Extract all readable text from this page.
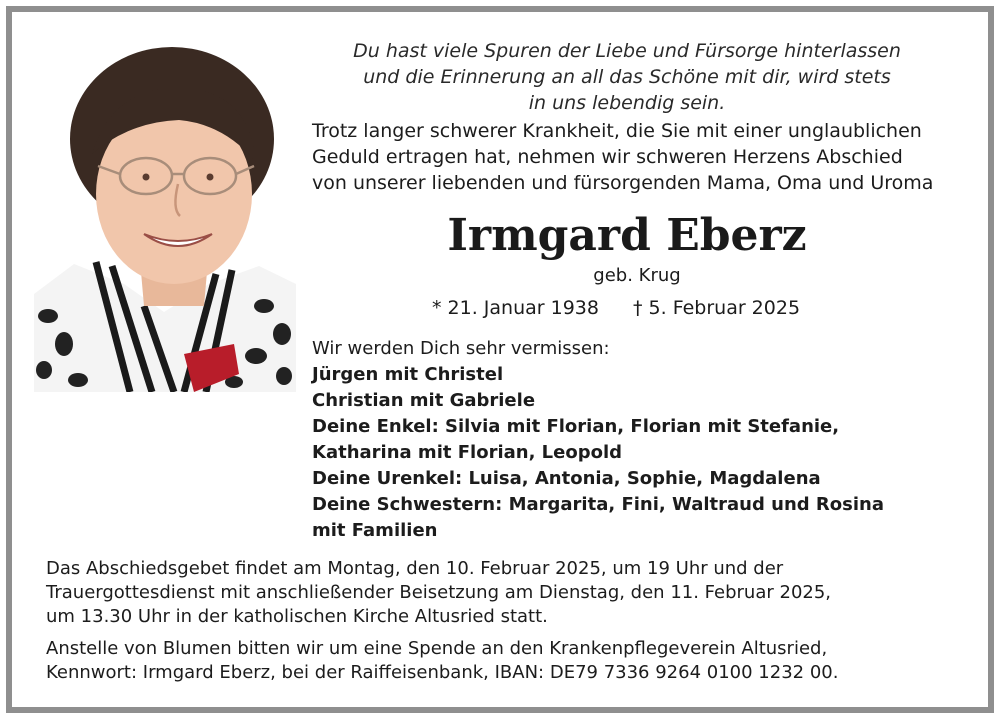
Du hast viele Spuren der Liebe und Fürsorge hinterlassen
und die Erinnerung an all das Schöne mit dir, wird stets
in uns lebendig sein.
Trotz langer schwerer Krankheit, die Sie mit einer unglaublichen
Geduld ertragen hat, nehmen wir schweren Herzens Abschied
von unserer liebenden und fürsorgenden Mama, Oma und Uroma
Irmgard Eberz
geb. Krug
* 21. Januar 1938 † 5. Februar 2025
Wir werden Dich sehr vermissen:
Jürgen mit Christel
Christian mit Gabriele
Deine Enkel: Silvia mit Florian, Florian mit Stefanie,
Katharina mit Florian, Leopold
Deine Urenkel: Luisa, Antonia, Sophie, Magdalena
Deine Schwestern: Margarita, Fini, Waltraud und Rosina
mit Familien

Das Abschiedsgebet findet am Montag, den 10. Februar 2025, um 19 Uhr und der
Trauergottesdienst mit anschließender Beisetzung am Dienstag, den 11. Februar 2025,
um 13.30 Uhr in der katholischen Kirche Altusried statt.

Anstelle von Blumen bitten wir um eine Spende an den Krankenpflegeverein Altusried,
Kennwort: Irmgard Eberz, bei der Raiffeisenbank, IBAN: DE79 7336 9264 0100 1232 00.
